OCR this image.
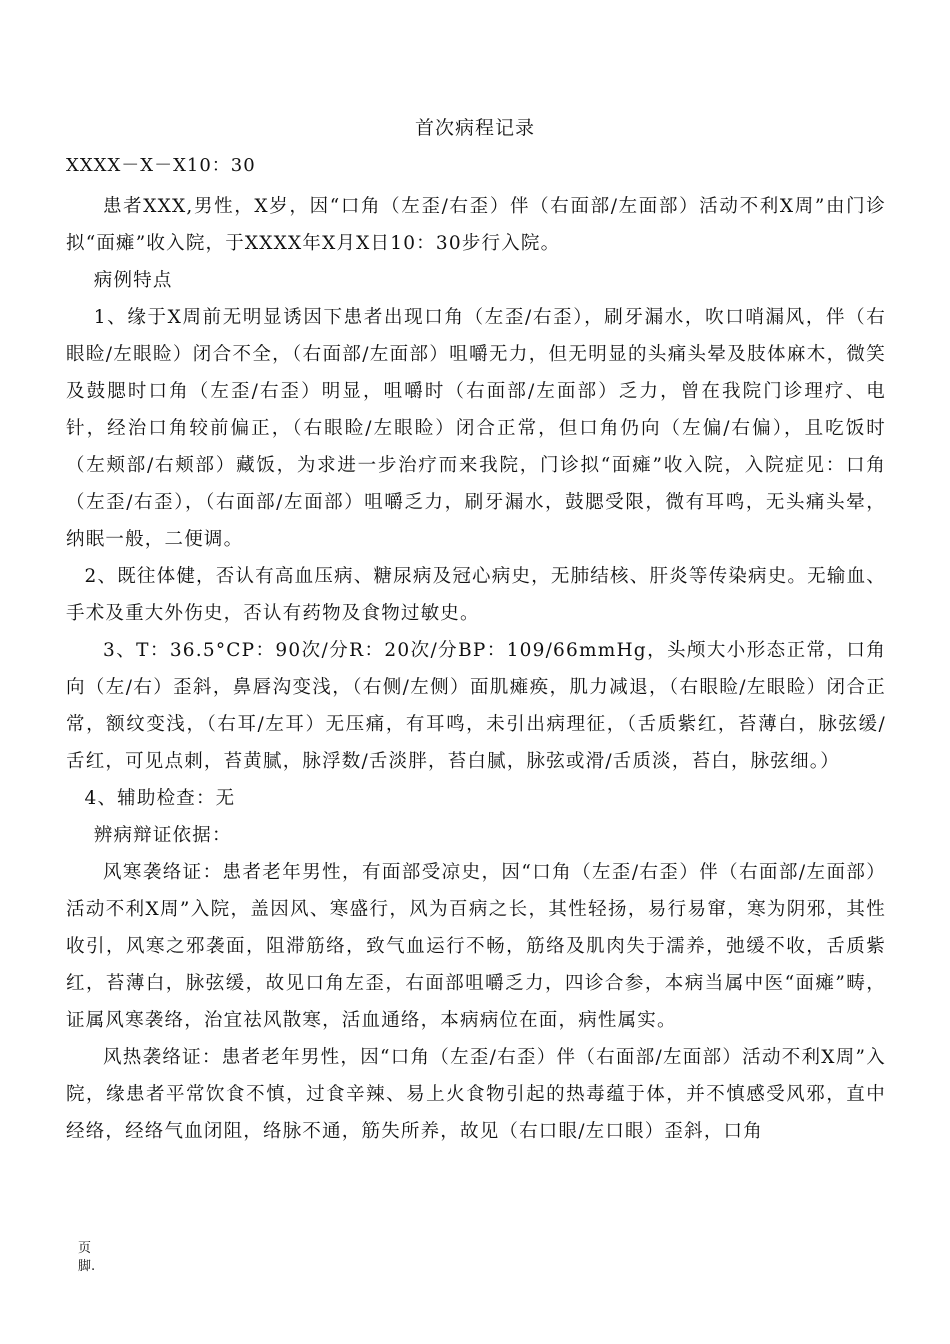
首次病程记录
XXXX－X－X10：30

患者XXX,男性，X岁，因“口角（左歪/右歪）伴（右面部/左面部）活动不利X周”由门诊拟“面瘫”收入院，于XXXX年X月X日10：30步行入院。

病例特点

1、缘于X周前无明显诱因下患者出现口角（左歪/右歪），刷牙漏水，吹口哨漏风，伴（右眼睑/左眼睑）闭合不全，（右面部/左面部）咀嚼无力，但无明显的头痛头晕及肢体麻木，微笑及鼓腮时口角（左歪/右歪）明显，咀嚼时（右面部/左面部）乏力，曾在我院门诊理疗、电针，经治口角较前偏正，（右眼睑/左眼睑）闭合正常，但口角仍向（左偏/右偏），且吃饭时（左颊部/右颊部）藏饭，为求进一步治疗而来我院，门诊拟“面瘫”收入院，入院症见：口角（左歪/右歪），（右面部/左面部）咀嚼乏力，刷牙漏水，鼓腮受限，微有耳鸣，无头痛头晕，纳眠一般，二便调。

2、既往体健，否认有高血压病、糖尿病及冠心病史，无肺结核、肝炎等传染病史。无输血、手术及重大外伤史，否认有药物及食物过敏史。

3、T：36.5°CP：90次/分R：20次/分BP：109/66mmHg，头颅大小形态正常，口角向（左/右）歪斜，鼻唇沟变浅，（右侧/左侧）面肌瘫痪，肌力减退，（右眼睑/左眼睑）闭合正常，额纹变浅，（右耳/左耳）无压痛，有耳鸣，未引出病理征，（舌质紫红，苔薄白，脉弦缓/舌红，可见点刺，苔黄腻，脉浮数/舌淡胖，苔白腻，脉弦或滑/舌质淡，苔白，脉弦细。）

4、辅助检查：无

辨病辩证依据：

风寒袭络证：患者老年男性，有面部受凉史，因“口角（左歪/右歪）伴（右面部/左面部）活动不利X周”入院，盖因风、寒盛行，风为百病之长，其性轻扬，易行易窜，寒为阴邪，其性收引，风寒之邪袭面，阻滞筋络，致气血运行不畅，筋络及肌肉失于濡养，弛缓不收，舌质紫红，苔薄白，脉弦缓，故见口角左歪，右面部咀嚼乏力，四诊合参，本病当属中医“面瘫”畴，证属风寒袭络，治宜祛风散寒，活血通络，本病病位在面，病性属实。

风热袭络证：患者老年男性，因“口角（左歪/右歪）伴（右面部/左面部）活动不利X周”入院，缘患者平常饮食不慎，过食辛辣、易上火食物引起的热毒蕴于体，并不慎感受风邪，直中经络，经络气血闭阻，络脉不通，筋失所养，故见（右口眼/左口眼）歪斜，口角

页脚.
